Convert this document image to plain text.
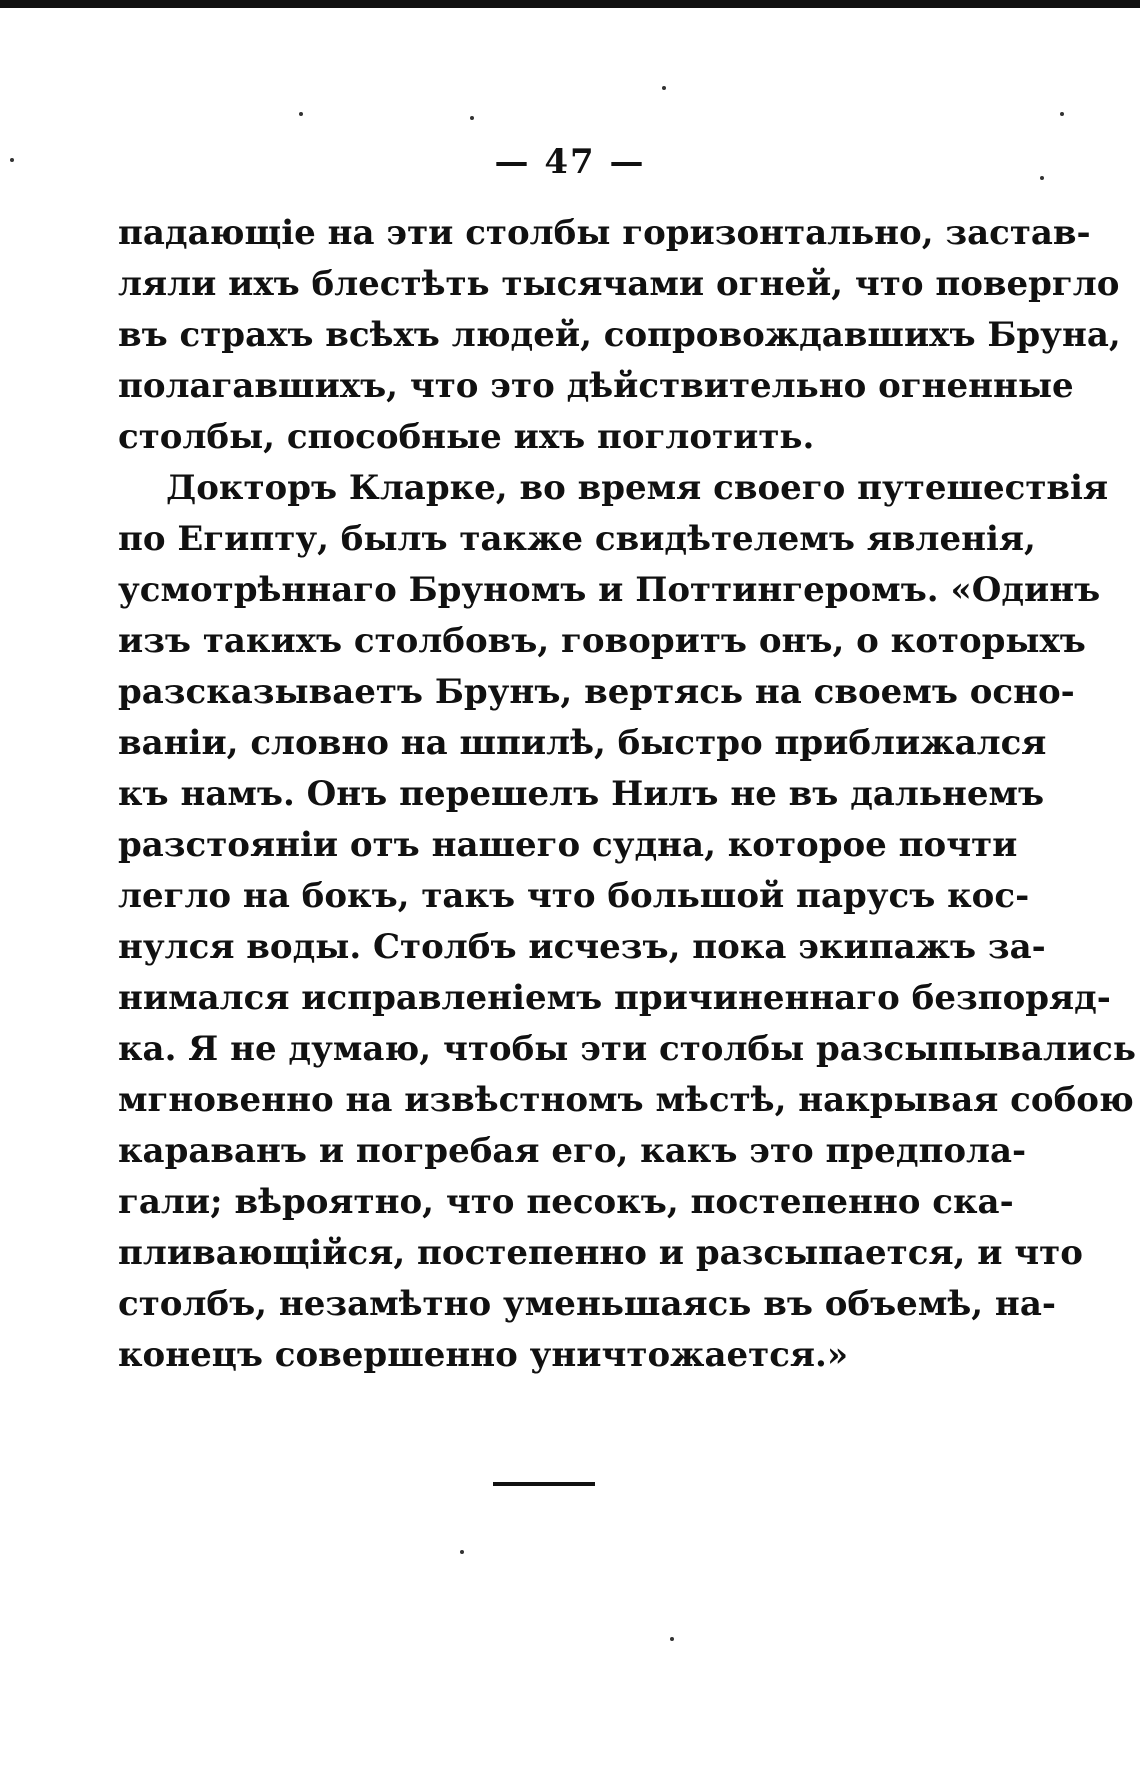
— 47 —
падающіе на эти столбы горизонтально, застав-
ляли ихъ блестѣть тысячами огней, что повергло
въ страхъ всѣхъ людей, сопровождавшихъ Бруна,
полагавшихъ, что это дѣйствительно огненные
столбы, способные ихъ поглотить.
Докторъ Кларке, во время своего путешествія
по Египту, былъ также свидѣтелемъ явленія,
усмотрѣннаго Бруномъ и Поттингеромъ. «Одинъ
изъ такихъ столбовъ, говоритъ онъ, о которыхъ
разсказываетъ Брунъ, вертясь на своемъ осно-
ваніи, словно на шпилѣ, быстро приближался
къ намъ. Онъ перешелъ Нилъ не въ дальнемъ
разстояніи отъ нашего судна, которое почти
легло на бокъ, такъ что большой парусъ кос-
нулся воды. Столбъ исчезъ, пока экипажъ за-
нимался исправленіемъ причиненнаго безпоряд-
ка. Я не думаю, чтобы эти столбы разсыпывались
мгновенно на извѣстномъ мѣстѣ, накрывая собою
караванъ и погребая его, какъ это предпола-
гали; вѣроятно, что песокъ, постепенно ска-
пливающійся, постепенно и разсыпается, и что
столбъ, незамѣтно уменьшаясь въ объемѣ, на-
конецъ совершенно уничтожается.»
